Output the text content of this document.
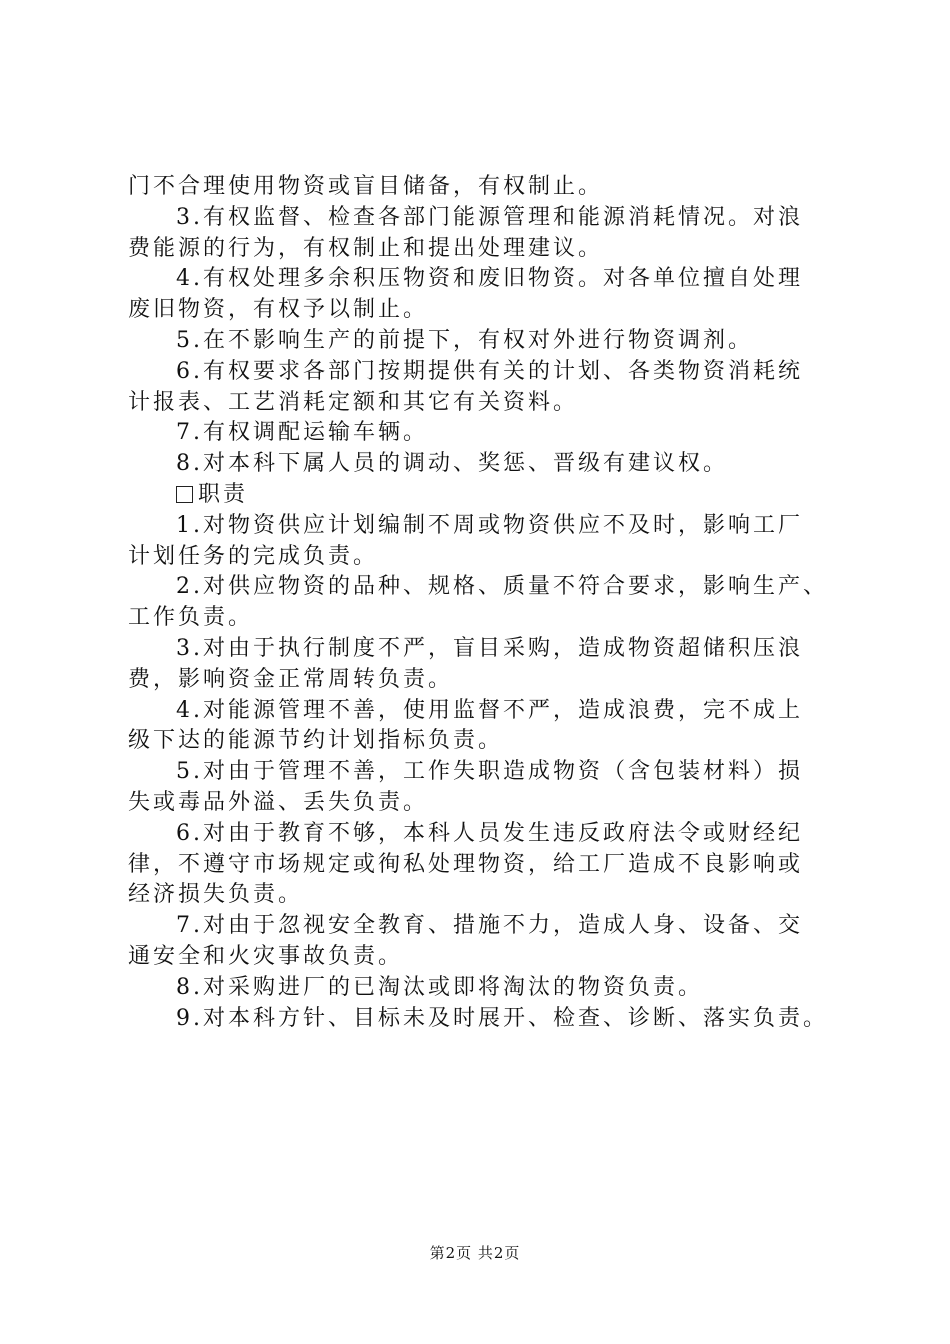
门不合理使用物资或盲目储备，有权制止。
3.有权监督、检查各部门能源管理和能源消耗情况。对浪
费能源的行为，有权制止和提出处理建议。
4.有权处理多余积压物资和废旧物资。对各单位擅自处理
废旧物资，有权予以制止。
5.在不影响生产的前提下，有权对外进行物资调剂。
6.有权要求各部门按期提供有关的计划、各类物资消耗统
计报表、工艺消耗定额和其它有关资料。
7.有权调配运输车辆。
8.对本科下属人员的调动、奖惩、晋级有建议权。
职责
1.对物资供应计划编制不周或物资供应不及时，影响工厂
计划任务的完成负责。
2.对供应物资的品种、规格、质量不符合要求，影响生产、
工作负责。
3.对由于执行制度不严，盲目采购，造成物资超储积压浪
费，影响资金正常周转负责。
4.对能源管理不善，使用监督不严，造成浪费，完不成上
级下达的能源节约计划指标负责。
5.对由于管理不善，工作失职造成物资（含包装材料）损
失或毒品外溢、丢失负责。
6.对由于教育不够，本科人员发生违反政府法令或财经纪
律，不遵守市场规定或徇私处理物资，给工厂造成不良影响或
经济损失负责。
7.对由于忽视安全教育、措施不力，造成人身、设备、交
通安全和火灾事故负责。
8.对采购进厂的已淘汰或即将淘汰的物资负责。
9.对本科方针、目标未及时展开、检查、诊断、落实负责。
第2页 共2页
